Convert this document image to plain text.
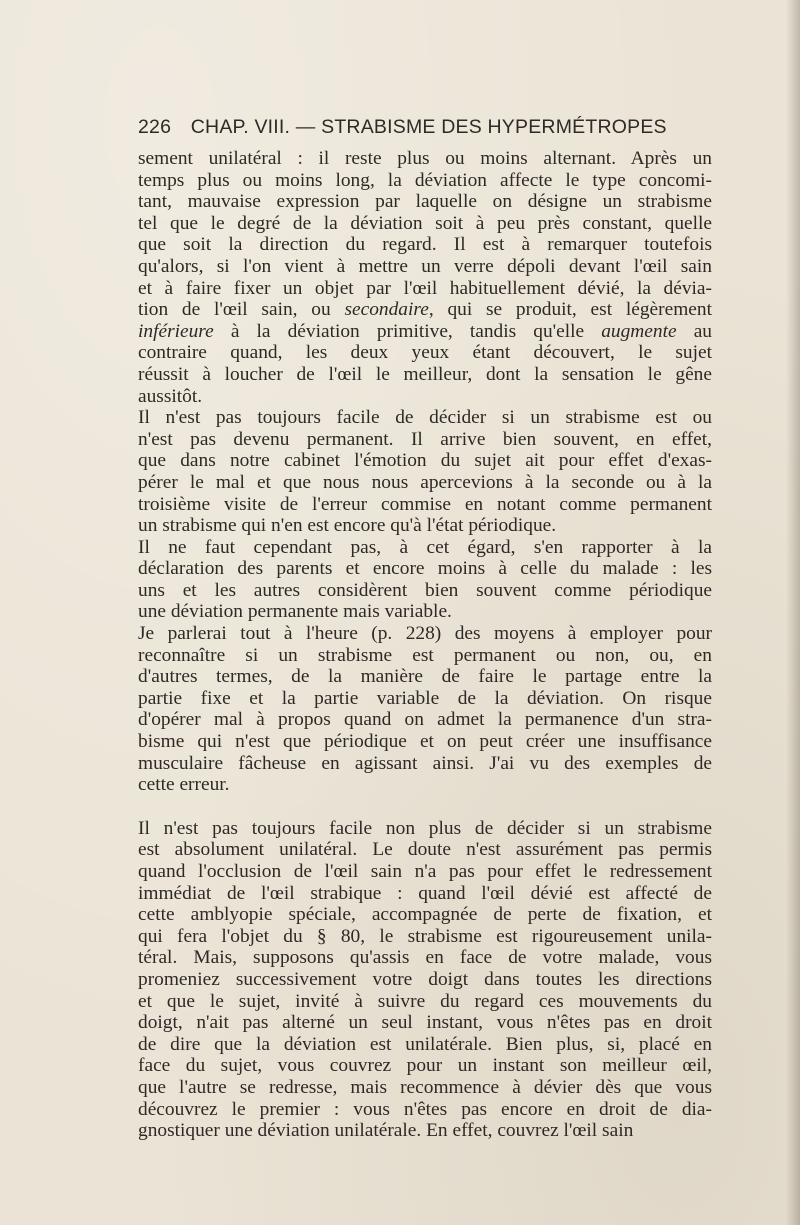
226 CHAP. VIII. — STRABISME DES HYPERMÉTROPES
sement unilatéral : il reste plus ou moins alternant. Après un
temps plus ou moins long, la déviation affecte le type concomi-
tant, mauvaise expression par laquelle on désigne un strabisme
tel que le degré de la déviation soit à peu près constant, quelle
que soit la direction du regard. Il est à remarquer toutefois
qu'alors, si l'on vient à mettre un verre dépoli devant l'œil sain
et à faire fixer un objet par l'œil habituellement dévié, la dévia-
tion de l'œil sain, ou secondaire, qui se produit, est légèrement
inférieure à la déviation primitive, tandis qu'elle augmente au
contraire quand, les deux yeux étant découvert, le sujet
réussit à loucher de l'œil le meilleur, dont la sensation le gêne
aussitôt.
Il n'est pas toujours facile de décider si un strabisme est ou
n'est pas devenu permanent. Il arrive bien souvent, en effet,
que dans notre cabinet l'émotion du sujet ait pour effet d'exas-
pérer le mal et que nous nous apercevions à la seconde ou à la
troisième visite de l'erreur commise en notant comme permanent
un strabisme qui n'en est encore qu'à l'état périodique.
Il ne faut cependant pas, à cet égard, s'en rapporter à la
déclaration des parents et encore moins à celle du malade : les
uns et les autres considèrent bien souvent comme périodique
une déviation permanente mais variable.
Je parlerai tout à l'heure (p. 228) des moyens à employer pour
reconnaître si un strabisme est permanent ou non, ou, en
d'autres termes, de la manière de faire le partage entre la
partie fixe et la partie variable de la déviation. On risque
d'opérer mal à propos quand on admet la permanence d'un stra-
bisme qui n'est que périodique et on peut créer une insuffisance
musculaire fâcheuse en agissant ainsi. J'ai vu des exemples de
cette erreur.
Il n'est pas toujours facile non plus de décider si un strabisme
est absolument unilatéral. Le doute n'est assurément pas permis
quand l'occlusion de l'œil sain n'a pas pour effet le redressement
immédiat de l'œil strabique : quand l'œil dévié est affecté de
cette amblyopie spéciale, accompagnée de perte de fixation, et
qui fera l'objet du § 80, le strabisme est rigoureusement unila-
téral. Mais, supposons qu'assis en face de votre malade, vous
promeniez successivement votre doigt dans toutes les directions
et que le sujet, invité à suivre du regard ces mouvements du
doigt, n'ait pas alterné un seul instant, vous n'êtes pas en droit
de dire que la déviation est unilatérale. Bien plus, si, placé en
face du sujet, vous couvrez pour un instant son meilleur œil,
que l'autre se redresse, mais recommence à dévier dès que vous
découvrez le premier : vous n'êtes pas encore en droit de dia-
gnostiquer une déviation unilatérale. En effet, couvrez l'œil sain
